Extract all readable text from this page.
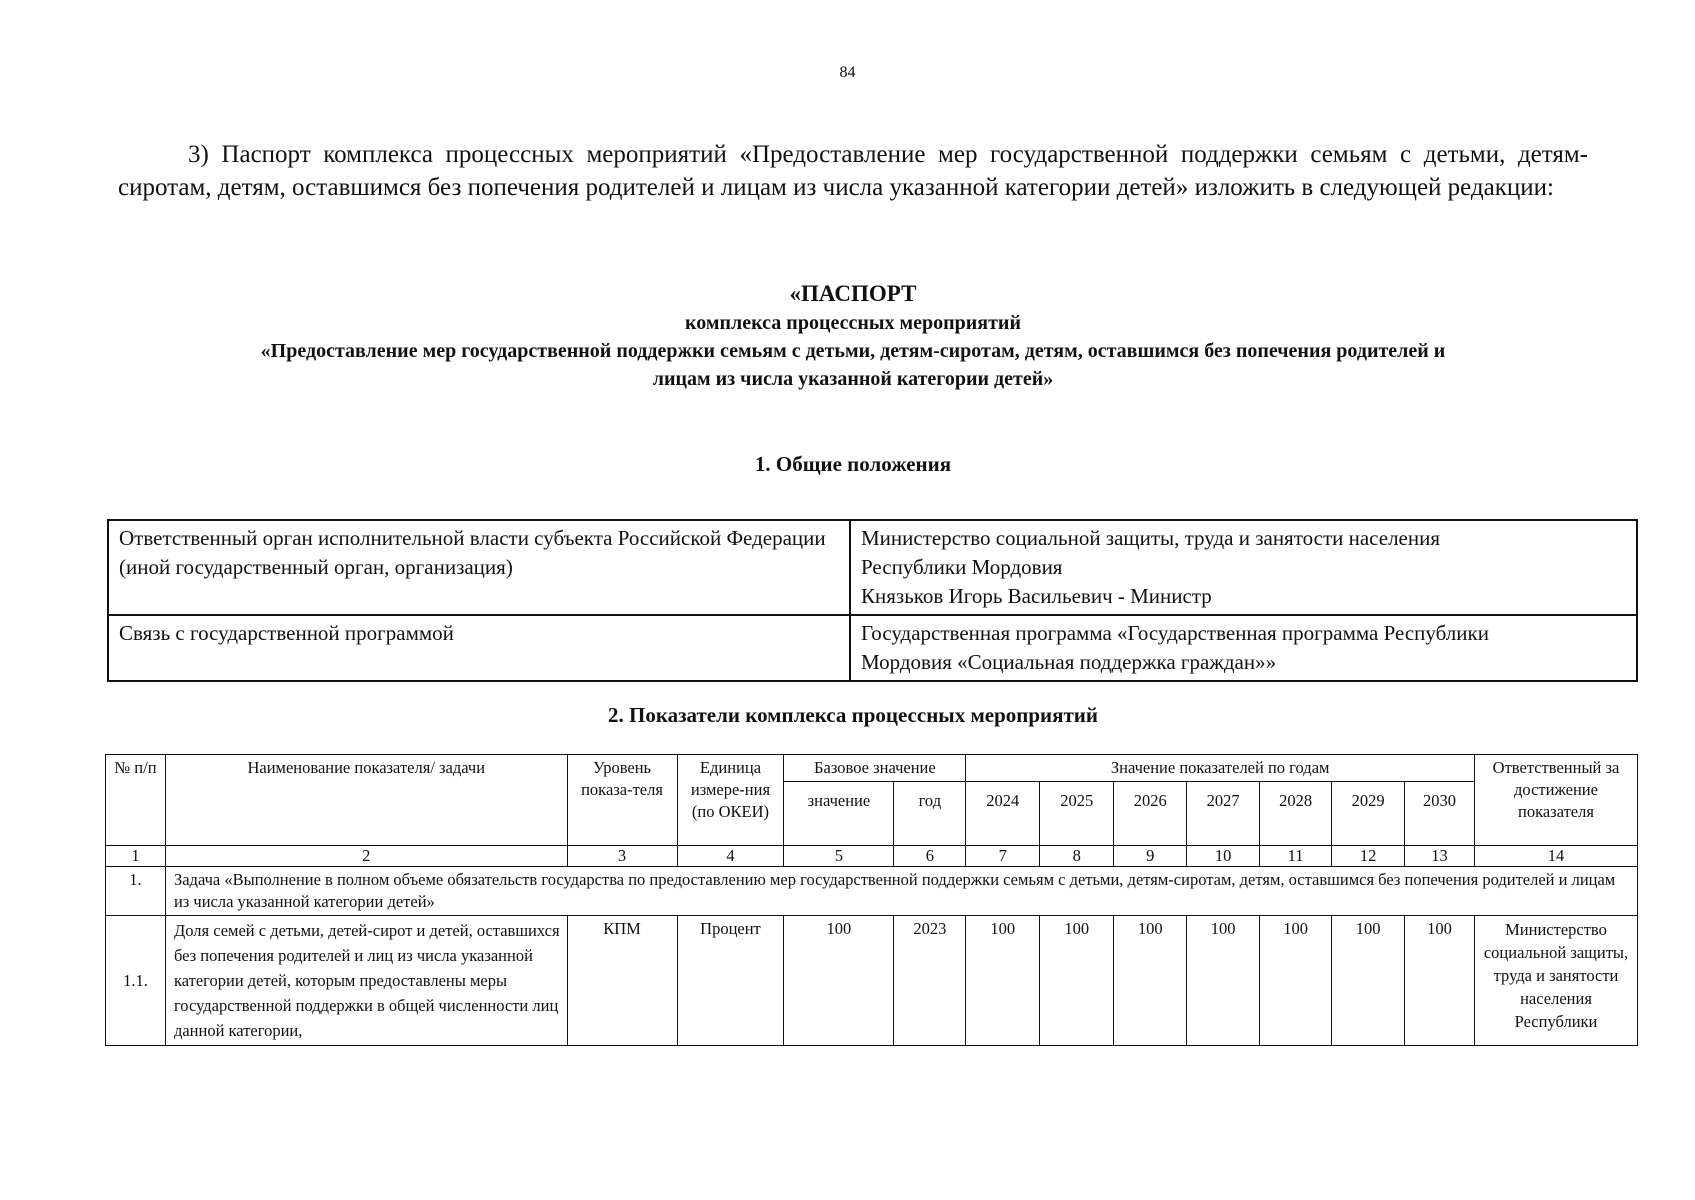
84

3) Паспорт комплекса процессных мероприятий «Предоставление мер государственной поддержки семьям с детьми, детям-сиротам, детям, оставшимся без попечения родителей и лицам из числа указанной категории детей» изложить в следующей редакции:

«ПАСПОРТ
комплекса процессных мероприятий
«Предоставление мер государственной поддержки семьям с детьми, детям-сиротам, детям, оставшимся без попечения родителей и
лицам из числа указанной категории детей»
1. Общие положения
Ответственный орган исполнительной власти субъекта Российской Федерации (иной государственный орган, организация)	Министерство социальной защиты, труда и занятости населения
Республики Мордовия
Князьков Игорь Васильевич - Министр

Связь с государственной программой	Государственная программа «Государственная программа Республики
Мордовия «Социальная поддержка граждан»»
2. Показатели комплекса процессных мероприятий
№ п/п	Наименование показателя/ задачи	Уровень показа-теля	Единица измере-ния (по ОКЕИ)	Базовое значение		Значение показателей по годам							Ответственный за достижение показателя
				значение	год	2024	2025	2026	2027	2028	2029	2030	
1	2	3	4	5	6	7	8	9	10	11	12	13	14
1.	Задача «Выполнение в полном объеме обязательств государства по предоставлению мер государственной поддержки семьям с детьми, детям-сиротам, детям, оставшимся без попечения родителей и лицам из числа указанной категории детей»												
1.1.	Доля семей с детьми, детей-сирот и детей, оставшихся без попечения родителей и лиц из числа указанной категории детей, которым предоставлены меры государственной поддержки в общей численности лиц данной категории,	КПМ	Процент	100	2023	100	100	100	100	100	100	100	Министерство социальной защиты, труда и занятости населения Республики
